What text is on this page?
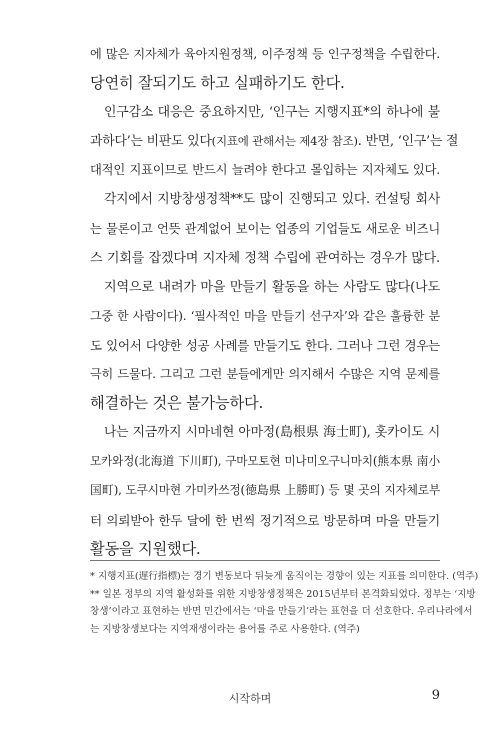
에 많은 지자체가 육아지원정책, 이주정책 등 인구정책을 수립한다.
당연히 잘되기도 하고 실패하기도 한다.
인구감소 대응은 중요하지만, ‘인구는 지행지표*의 하나에 불
과하다’는 비판도 있다(지표에 관해서는 제4장 참조). 반면, ‘인구’는 절
대적인 지표이므로 반드시 늘려야 한다고 몰입하는 지자체도 있다.
각지에서 지방창생정책**도 많이 진행되고 있다. 컨설팅 회사
는 물론이고 언뜻 관계없어 보이는 업종의 기업들도 새로운 비즈니
스 기회를 잡겠다며 지자체 정책 수립에 관여하는 경우가 많다.
지역으로 내려가 마을 만들기 활동을 하는 사람도 많다(나도
그중 한 사람이다). ‘필사적인 마을 만들기 선구자’와 같은 훌륭한 분
도 있어서 다양한 성공 사례를 만들기도 한다. 그러나 그런 경우는
극히 드물다. 그리고 그런 분들에게만 의지해서 수많은 지역 문제를
해결하는 것은 불가능하다.
나는 지금까지 시마네현 아마정(島根県 海士町), 홋카이도 시
모카와정(北海道 下川町), 구마모토현 미나미오구니마치(熊本県 南小
国町), 도쿠시마현 가미카쓰정(徳島県 上勝町) 등 몇 곳의 지자체로부
터 의뢰받아 한두 달에 한 번씩 정기적으로 방문하며 마을 만들기
활동을 지원했다.
* 지행지표(遅行指標)는 경기 변동보다 뒤늦게 움직이는 경향이 있는 지표를 의미한다. (역주)
** 일본 정부의 지역 활성화를 위한 지방창생정책은 2015년부터 본격화되었다. 정부는 ‘지방
창생’이라고 표현하는 반면 민간에서는 ‘마을 만들기’라는 표현을 더 선호한다. 우리나라에서
는 지방창생보다는 지역재생이라는 용어를 주로 사용한다. (역주)
시작하며	9
